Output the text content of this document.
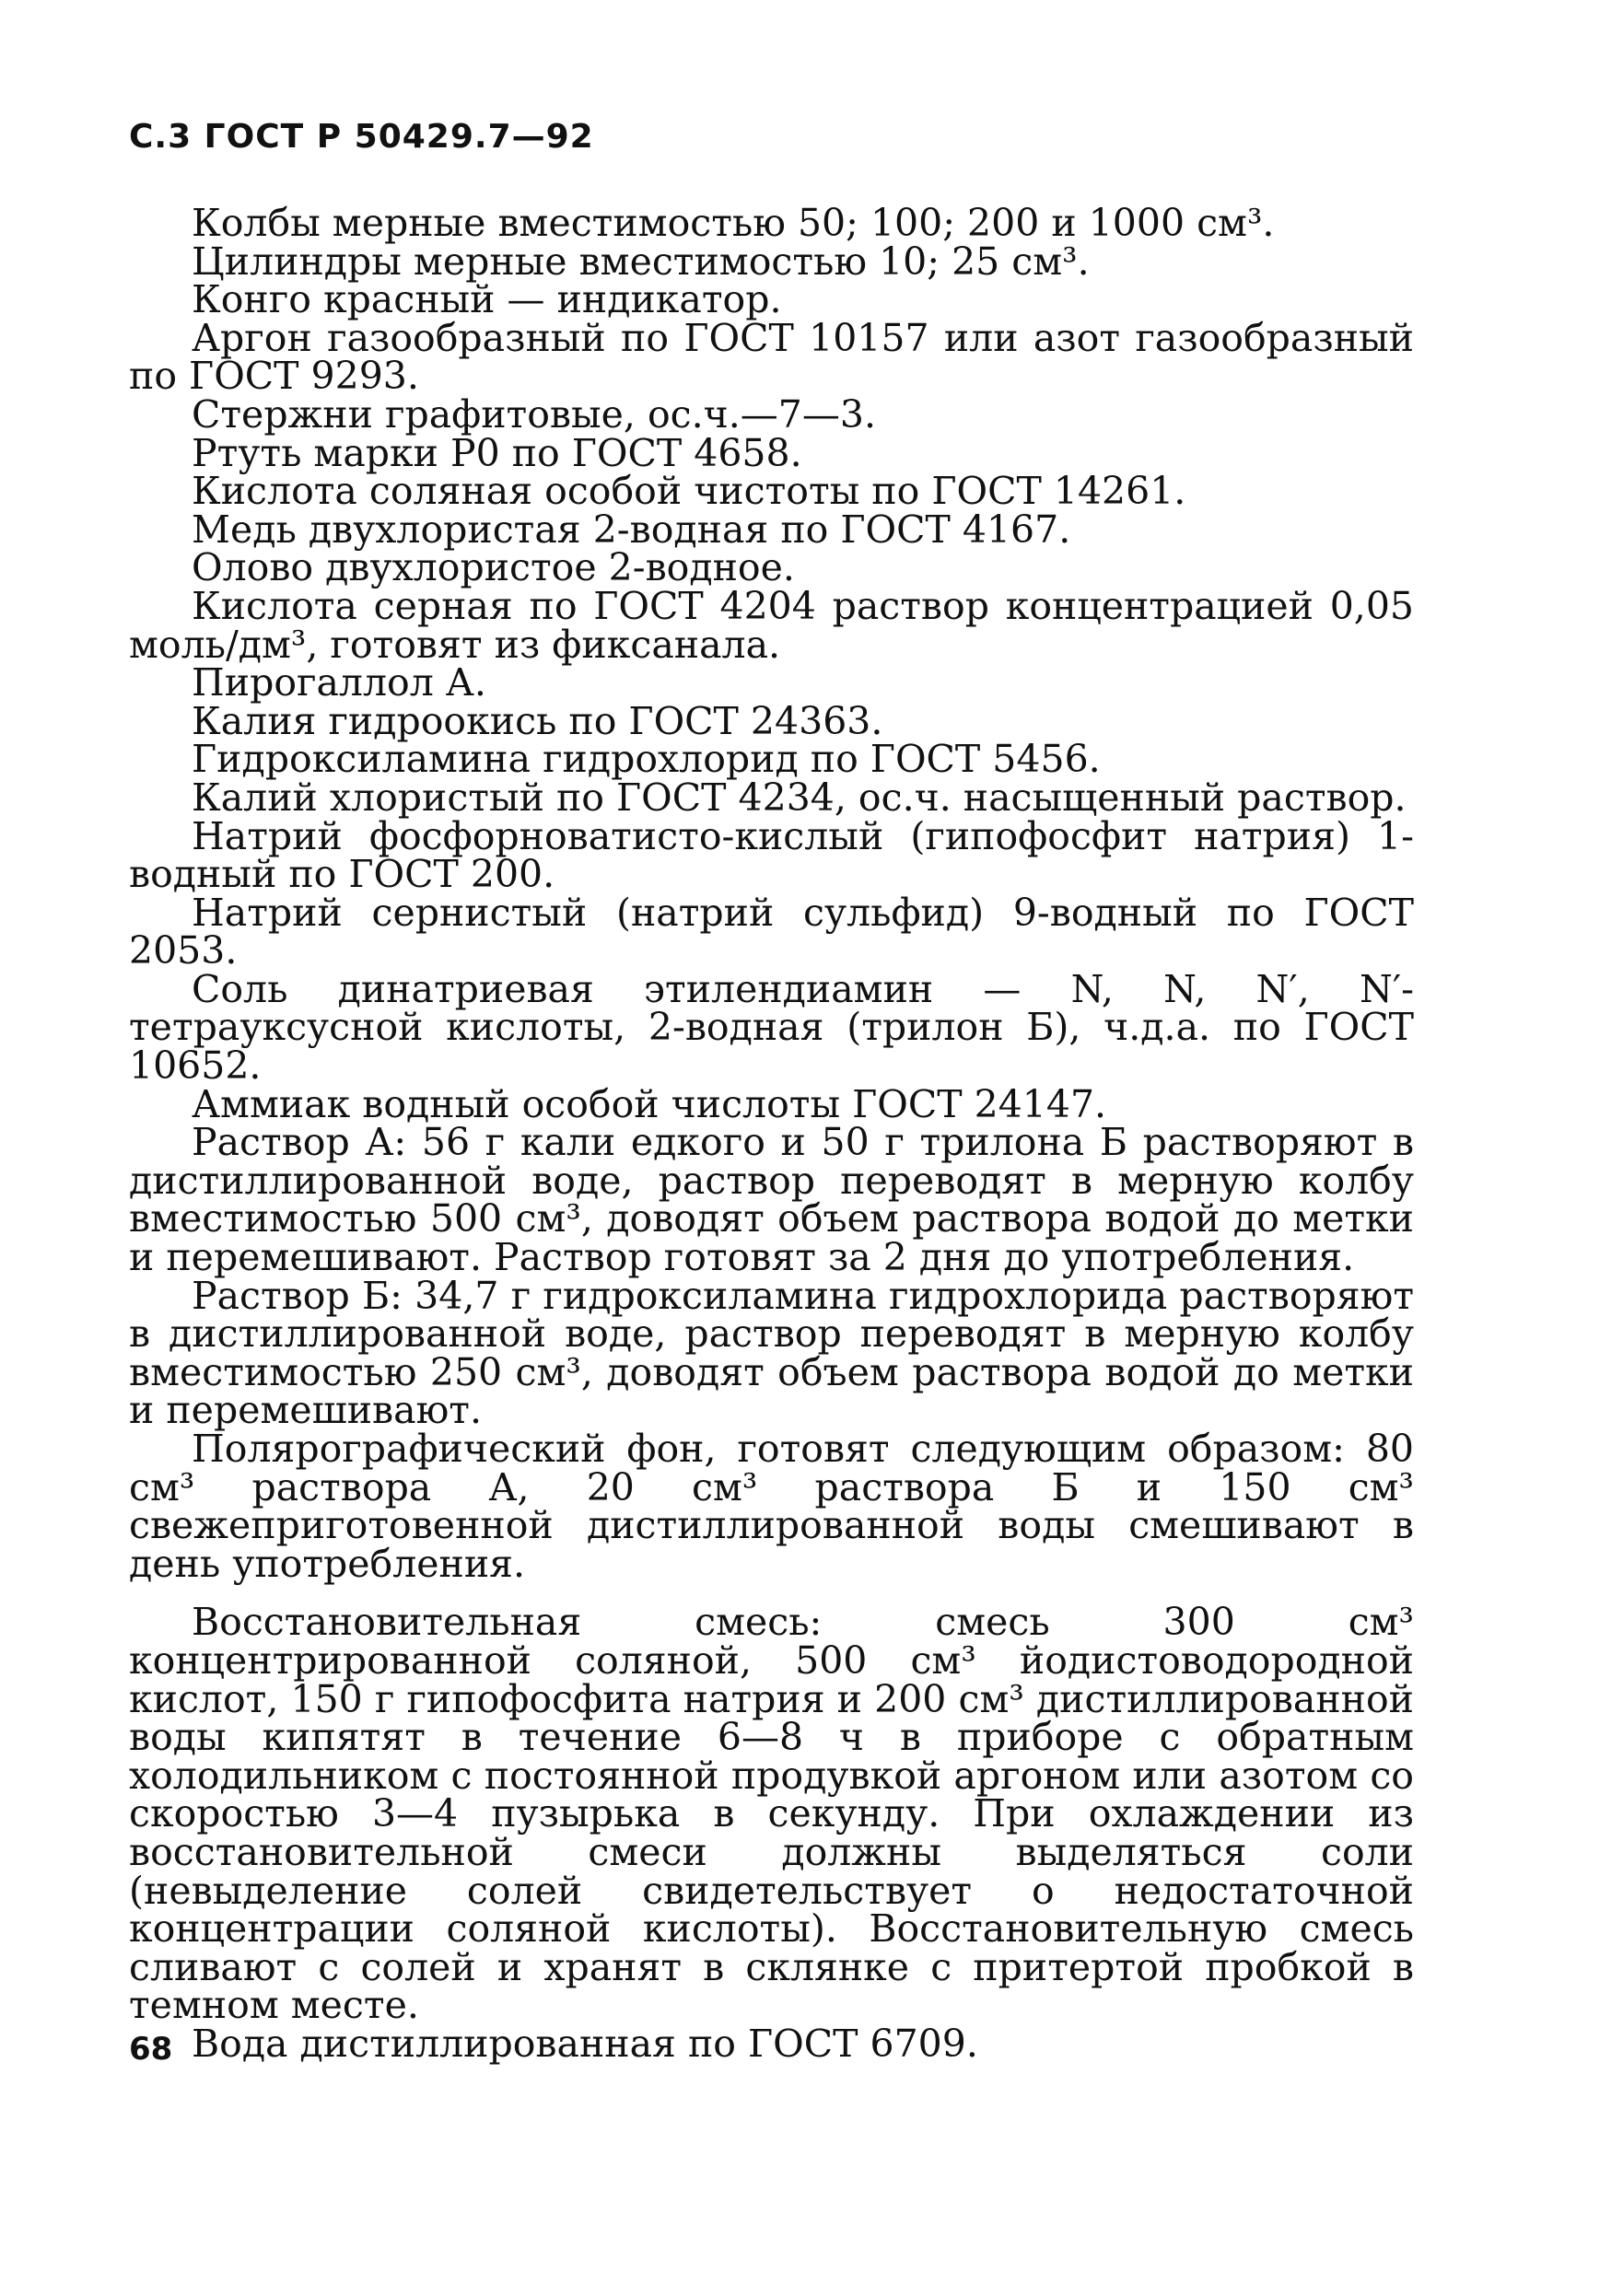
С.3 ГОСТ Р 50429.7—92

Колбы мерные вместимостью 50; 100; 200 и 1000 см³.

Цилиндры мерные вместимостью 10; 25 см³.

Конго красный — индикатор.

Аргон газообразный по ГОСТ 10157 или азот газообразный по ГОСТ 9293.

Стержни графитовые, ос.ч.—7—3.

Ртуть марки Р0 по ГОСТ 4658.

Кислота соляная особой чистоты по ГОСТ 14261.

Медь двухлористая 2-водная по ГОСТ 4167.

Олово двухлористое 2-водное.

Кислота серная по ГОСТ 4204 раствор концентрацией 0,05 моль/дм³, готовят из фиксанала.

Пирогаллол А.

Калия гидроокись по ГОСТ 24363.

Гидроксиламина гидрохлорид по ГОСТ 5456.

Калий хлористый по ГОСТ 4234, ос.ч. насыщенный раствор.

Натрий фосфорноватисто-кислый (гипофосфит натрия) 1-водный по ГОСТ 200.

Натрий сернистый (натрий сульфид) 9-водный по ГОСТ 2053.

Соль динатриевая этилендиамин — N, N, N′, N′-тетрауксусной кислоты, 2-водная (трилон Б), ч.д.а. по ГОСТ 10652.

Аммиак водный особой числоты ГОСТ 24147.

Раствор А: 56 г кали едкого и 50 г трилона Б растворяют в дистиллированной воде, раствор переводят в мерную колбу вместимостью 500 см³, доводят объем раствора водой до метки и перемешивают. Раствор готовят за 2 дня до употребления.

Раствор Б: 34,7 г гидроксиламина гидрохлорида растворяют в дистиллированной воде, раствор переводят в мерную колбу вместимостью 250 см³, доводят объем раствора водой до метки и перемешивают.

Полярографический фон, готовят следующим образом: 80 см³ раствора А, 20 см³ раствора Б и 150 см³ свежеприготовенной дистиллированной воды смешивают в день употребления.

Восстановительная смесь: смесь 300 см³ концентрированной соляной, 500 см³ йодистоводородной кислот, 150 г гипофосфита натрия и 200 см³ дистиллированной воды кипятят в течение 6—8 ч в приборе с обратным холодильником с постоянной продувкой аргоном или азотом со скоростью 3—4 пузырька в секунду. При охлаждении из восстановительной смеси должны выделяться соли (невыделение солей свидетельствует о недостаточной концентрации соляной кислоты). Восстановительную смесь сливают с солей и хранят в склянке с притертой пробкой в темном месте.

Вода дистиллированная по ГОСТ 6709.

68
